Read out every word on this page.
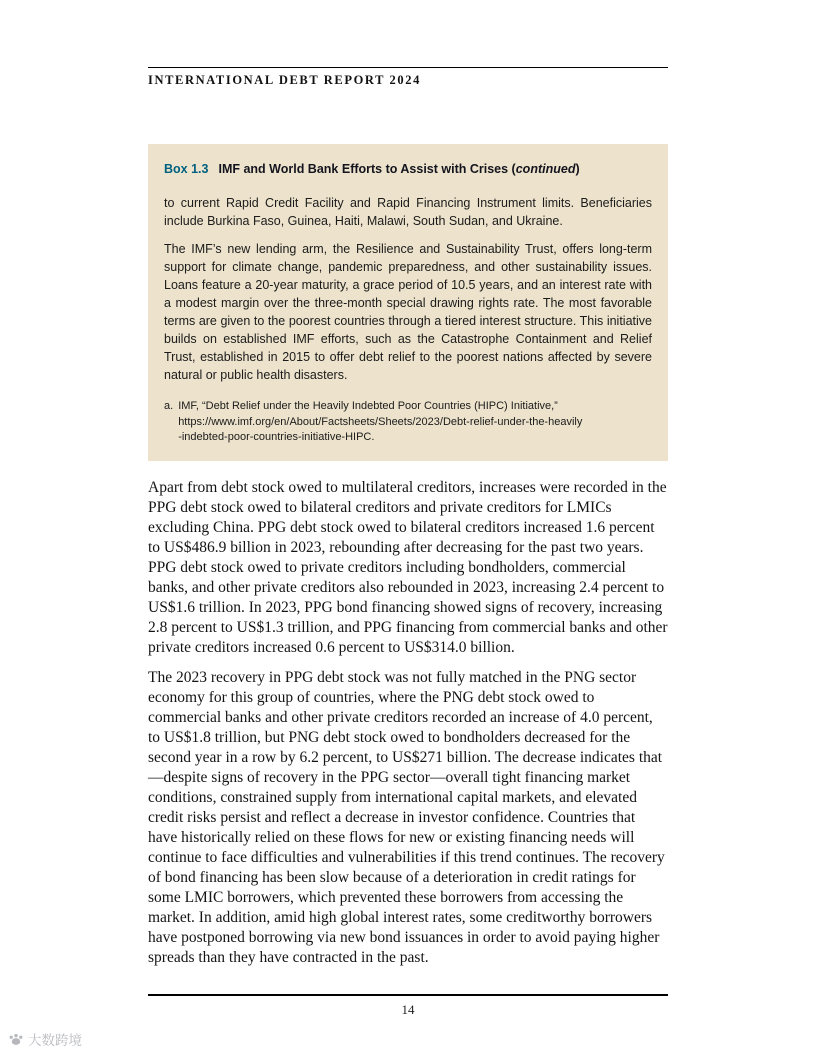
INTERNATIONAL DEBT REPORT 2024
Box 1.3 IMF and World Bank Efforts to Assist with Crises (continued)

to current Rapid Credit Facility and Rapid Financing Instrument limits. Beneficiaries include Burkina Faso, Guinea, Haiti, Malawi, South Sudan, and Ukraine.

The IMF’s new lending arm, the Resilience and Sustainability Trust, offers long-term support for climate change, pandemic preparedness, and other sustainability issues. Loans feature a 20-year maturity, a grace period of 10.5 years, and an interest rate with a modest margin over the three-month special drawing rights rate. The most favorable terms are given to the poorest countries through a tiered interest structure. This initiative builds on established IMF efforts, such as the Catastrophe Containment and Relief Trust, established in 2015 to offer debt relief to the poorest nations affected by severe natural or public health disasters.

a. IMF, “Debt Relief under the Heavily Indebted Poor Countries (HIPC) Initiative,”
https://www.imf.org/en/About/Factsheets/Sheets/2023/Debt-relief-under-the-heavily
-indebted-poor-countries-initiative-HIPC.

Apart from debt stock owed to multilateral creditors, increases were recorded in the PPG debt stock owed to bilateral creditors and private creditors for LMICs excluding China. PPG debt stock owed to bilateral creditors increased 1.6 percent to US$486.9 billion in 2023, rebounding after decreasing for the past two years. PPG debt stock owed to private creditors including bondholders, commercial banks, and other private creditors also rebounded in 2023, increasing 2.4 percent to US$1.6 trillion. In 2023, PPG bond financing showed signs of recovery, increasing 2.8 percent to US$1.3 trillion, and PPG financing from commercial banks and other private creditors increased 0.6 percent to US$314.0 billion.

The 2023 recovery in PPG debt stock was not fully matched in the PNG sector economy for this group of countries, where the PNG debt stock owed to commercial banks and other private creditors recorded an increase of 4.0 percent, to US$1.8 trillion, but PNG debt stock owed to bondholders decreased for the second year in a row by 6.2 percent, to US$271 billion. The decrease indicates that—despite signs of recovery in the PPG sector—overall tight financing market conditions, constrained supply from international capital markets, and elevated credit risks persist and reflect a decrease in investor confidence. Countries that have historically relied on these flows for new or existing financing needs will continue to face difficulties and vulnerabilities if this trend continues. The recovery of bond financing has been slow because of a deterioration in credit ratings for some LMIC borrowers, which prevented these borrowers from accessing the market. In addition, amid high global interest rates, some creditworthy borrowers have postponed borrowing via new bond issuances in order to avoid paying higher spreads than they have contracted in the past.

14
大数跨境
